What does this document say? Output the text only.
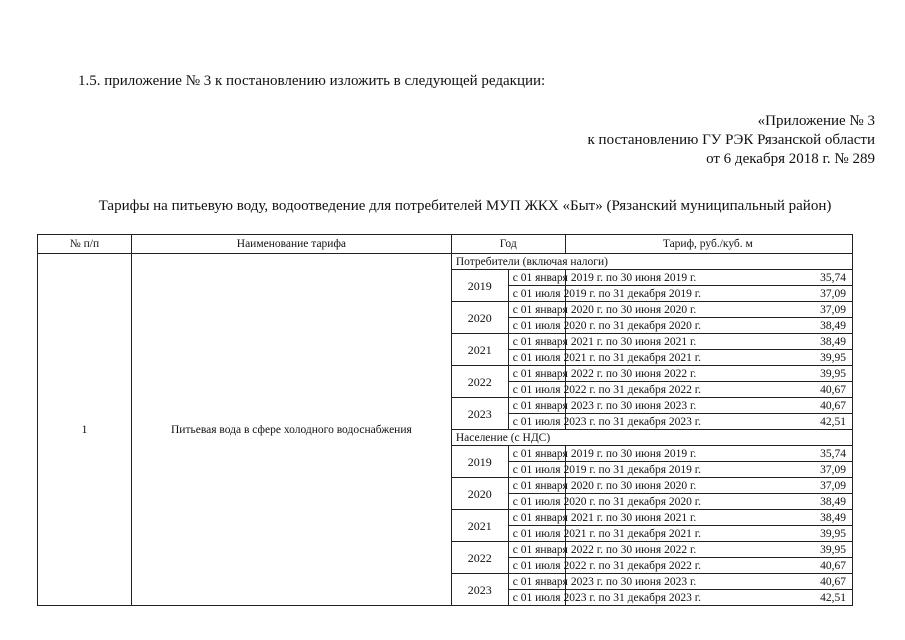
1.5. приложение № 3 к постановлению изложить в следующей редакции:
«Приложение № 3
к постановлению ГУ РЭК Рязанской области
от 6 декабря 2018 г. № 289
Тарифы на питьевую воду, водоотведение для потребителей МУП ЖКХ «Быт» (Рязанский муниципальный район)
№ п/п	Наименование тарифа	Год		Тариф, руб./куб. м
1	Питьевая вода в сфере холодного водоснабжения	Потребители (включая налоги)		
		2019	с 01 января 2019 г. по 30 июня 2019 г.	35,74
			с 01 июля 2019 г. по 31 декабря 2019 г.	37,09
		2020	с 01 января 2020 г. по 30 июня 2020 г.	37,09
			с 01 июля 2020 г. по 31 декабря 2020 г.	38,49
		2021	с 01 января 2021 г. по 30 июня 2021 г.	38,49
			с 01 июля 2021 г. по 31 декабря 2021 г.	39,95
		2022	с 01 января 2022 г. по 30 июня 2022 г.	39,95
			с 01 июля 2022 г. по 31 декабря 2022 г.	40,67
		2023	с 01 января 2023 г. по 30 июня 2023 г.	40,67
			с 01 июля 2023 г. по 31 декабря 2023 г.	42,51
		Население (с НДС)		
		2019	с 01 января 2019 г. по 30 июня 2019 г.	35,74
			с 01 июля 2019 г. по 31 декабря 2019 г.	37,09
		2020	с 01 января 2020 г. по 30 июня 2020 г.	37,09
			с 01 июля 2020 г. по 31 декабря 2020 г.	38,49
		2021	с 01 января 2021 г. по 30 июня 2021 г.	38,49
			с 01 июля 2021 г. по 31 декабря 2021 г.	39,95
		2022	с 01 января 2022 г. по 30 июня 2022 г.	39,95
			с 01 июля 2022 г. по 31 декабря 2022 г.	40,67
		2023	с 01 января 2023 г. по 30 июня 2023 г.	40,67
			с 01 июля 2023 г. по 31 декабря 2023 г.	42,51
